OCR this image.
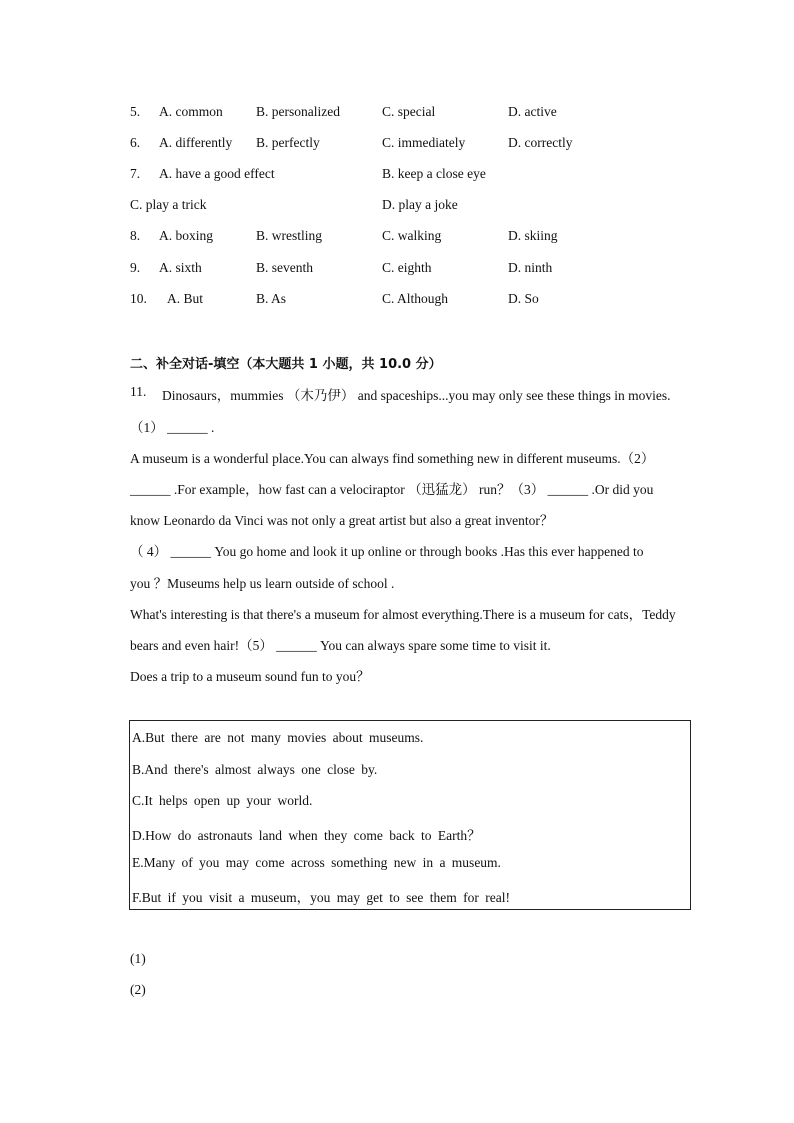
5. A. common B. personalized	C. special	D. active
6. A. differently B. perfectly	C. immediately	D. correctly
7. A. have a good effect	B. keep a close eye
C. play a trick	D. play a joke
8. A. boxing	B. wrestling	C. walking	D. skiing
9. A. sixth	B. seventh	C. eighth	D. ninth
10. A. But	B. As	C. Although	D. So
二、补全对话-填空（本大题共 1 小题，共 10.0 分）
11. Dinosaurs，mummies （木乃伊） and spaceships...you may only see these things in movies.
（1） ______ .
A museum is a wonderful place.You can always find something new in different museums.（2）
______ .For example，how fast can a velociraptor （迅猛龙） run？（3） ______ .Or did you
know Leonardo da Vinci was not only a great artist but also a great inventor？
（ 4） ______ You go home and look it up online or through books .Has this ever happened to
you ？Museums help us learn outside of school .
What's interesting is that there's a museum for almost everything.There is a museum for cats，Teddy
bears and even hair!（5） ______ You can always spare some time to visit it.
Does a trip to a museum sound fun to you？
A.But there are not many movies about museums.
B.And there's almost always one close by.
C.It helps open up your world.
D.How do astronauts land when they come back to Earth？
E.Many of you may come across something new in a museum.
F.But if you visit a museum，you may get to see them for real!
(1)
(2)
